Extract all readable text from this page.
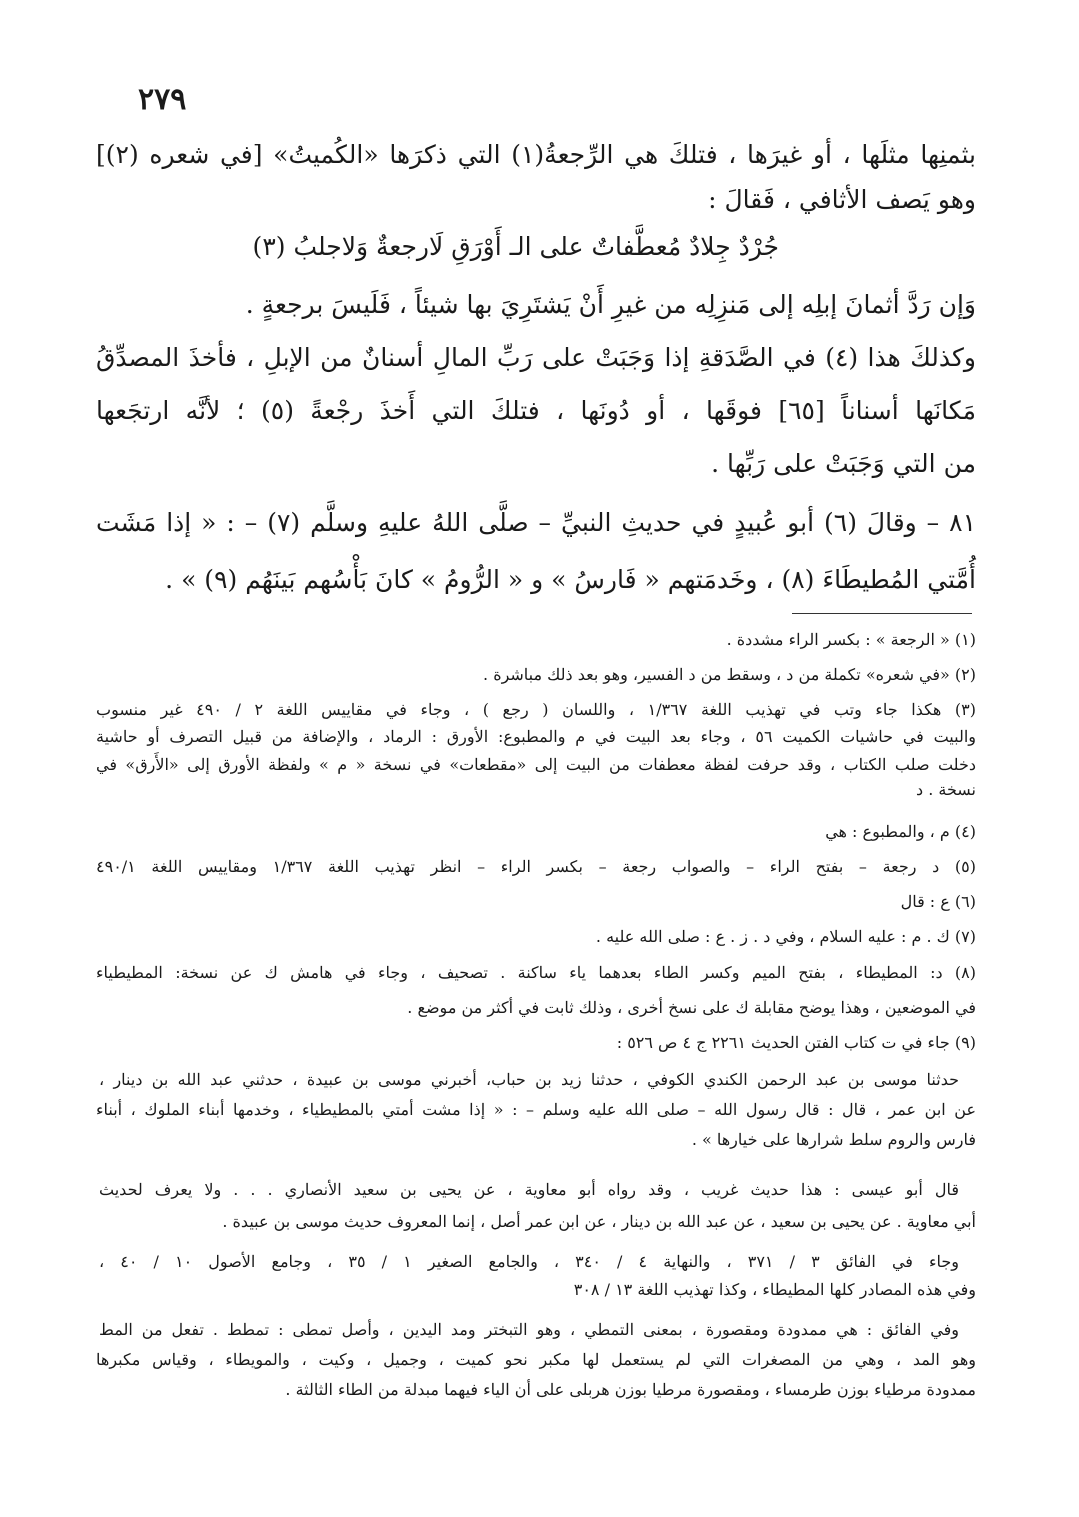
٢٧٩
بثمنِها مثلَها ، أو غيرَها ، فتلكَ هي الرِّجعةُ(١) التي ذكرَها «الكُميتُ» [في شعره (٢)]
وهو يَصف الأثافي ، فَقالَ :
جُرْدٌ جِلادٌ مُعطَّفاتٌ على الـ أَوْرَقِ لَارجعةٌ وَلاجلبُ (٣)
وَإن رَدَّ أثمانَ إبلِه إلى مَنزِلِه من غيرِ أَنْ يَشتَرِيَ بها شيئاً ، فَلَيسَ برجعةٍ .
وكذلكَ هذا (٤) في الصَّدَقةِ إذا وَجَبَتْ على رَبِّ المالِ أسنانٌ من الإبلِ ، فأخذَ المصدِّقُ
مَكانَها أسناناً [٦٥] فوقَها ، أو دُونَها ، فتلكَ التي أَخذَ رجْعةً (٥) ؛ لأنَّه ارتجَعها
من التي وَجَبَتْ على رَبِّها .
٨١ – وقالَ (٦) أبو عُبيدٍ في حديثِ النبيِّ – صلَّى اللهُ عليهِ وسلَّم (٧) – : « إذا مَشَت
أُمَّتي المُطيطَاءَ (٨) ، وخَدمَتهم « فَارسُ » و « الرُّومُ » كانَ بَأْسُهم بَينَهُم (٩) » .
(١) « الرجعة » : بكسر الراء مشددة .
(٢) «في شعره» تكملة من د ، وسقط من د الفسير، وهو بعد ذلك مباشرة .
(٣) هكذا جاء وتب في تهذيب اللغة ١/٣٦٧ ، واللسان ( رجع ) ، وجاء في مقاييس اللغة ٢ / ٤٩٠ غير منسوب
والبيت في حاشيات الكميت ٥٦ ، وجاء بعد البيت في م والمطبوع: الأورق : الرماد ، والإضافة من قبيل التصرف أو حاشية
دخلت صلب الكتاب ، وقد حرفت لفظة معطفات من البيت إلى «مقطعات» في نسخة « م » ولفظة الأورق إلى «الأَرق» في
نسخة . د
(٤) م ، والمطبوع : هي
(٥) د رجعة – بفتح الراء – والصواب رجعة – بكسر الراء – انظر تهذيب اللغة ١/٣٦٧ ومقاييس اللغة ٤٩٠/١
(٦) ع : قال
(٧) ك . م : عليه السلام ، وفي د . ز . ع : صلى الله عليه .
(٨) د: المطيطاء ، بفتح الميم وكسر الطاء بعدهما ياء ساكنة . تصحيف ، وجاء في هامش ك عن نسخة: المطيطياء
في الموضعين ، وهذا يوضح مقابلة ك على نسخ أخرى ، وذلك ثابت في أكثر من موضع .
(٩) جاء في ت كتاب الفتن الحديث ٢٢٦١ ج ٤ ص ٥٢٦ :
حدثنا موسى بن عبد الرحمن الكندي الكوفي ، حدثنا زيد بن حباب، أخبرني موسى بن عبيدة ، حدثني عبد الله بن دينار ،
عن ابن عمر ، قال : قال رسول الله – صلى الله عليه وسلم – : « إذا مشت أمتي بالمطيطياء ، وخدمها أبناء الملوك ، أبناء
فارس والروم سلط شرارها على خيارها » .
قال أبو عيسى : هذا حديث غريب ، وقد رواه أبو معاوية ، عن يحيى بن سعيد الأنصاري . . . ولا يعرف لحديث
أبي معاوية . عن يحيى بن سعيد ، عن عبد الله بن دينار ، عن ابن عمر أصل ، إنما المعروف حديث موسى بن عبيدة .
وجاء في الفائق ٣ / ٣٧١ ، والنهاية ٤ / ٣٤٠ ، والجامع الصغير ١ / ٣٥ ، وجامع الأصول ١٠ / ٤٠ ،
وفي هذه المصادر كلها المطيطاء ، وكذا تهذيب اللغة ١٣ / ٣٠٨
وفي الفائق : هي ممدودة ومقصورة ، بمعنى التمطي ، وهو التبختر ومد اليدين ، وأصل تمطى : تمطط . تفعل من المط
وهو المد ، وهي من المصغرات التي لم يستعمل لها مكبر نحو كميت ، وجميل ، وكيت ، والمويطاء ، وقياس مكبرها
ممدودة مرطياء بوزن طرمساء ، ومقصورة مرطيا بوزن هربلى على أن الياء فيهما مبدلة من الطاء الثالثة .
